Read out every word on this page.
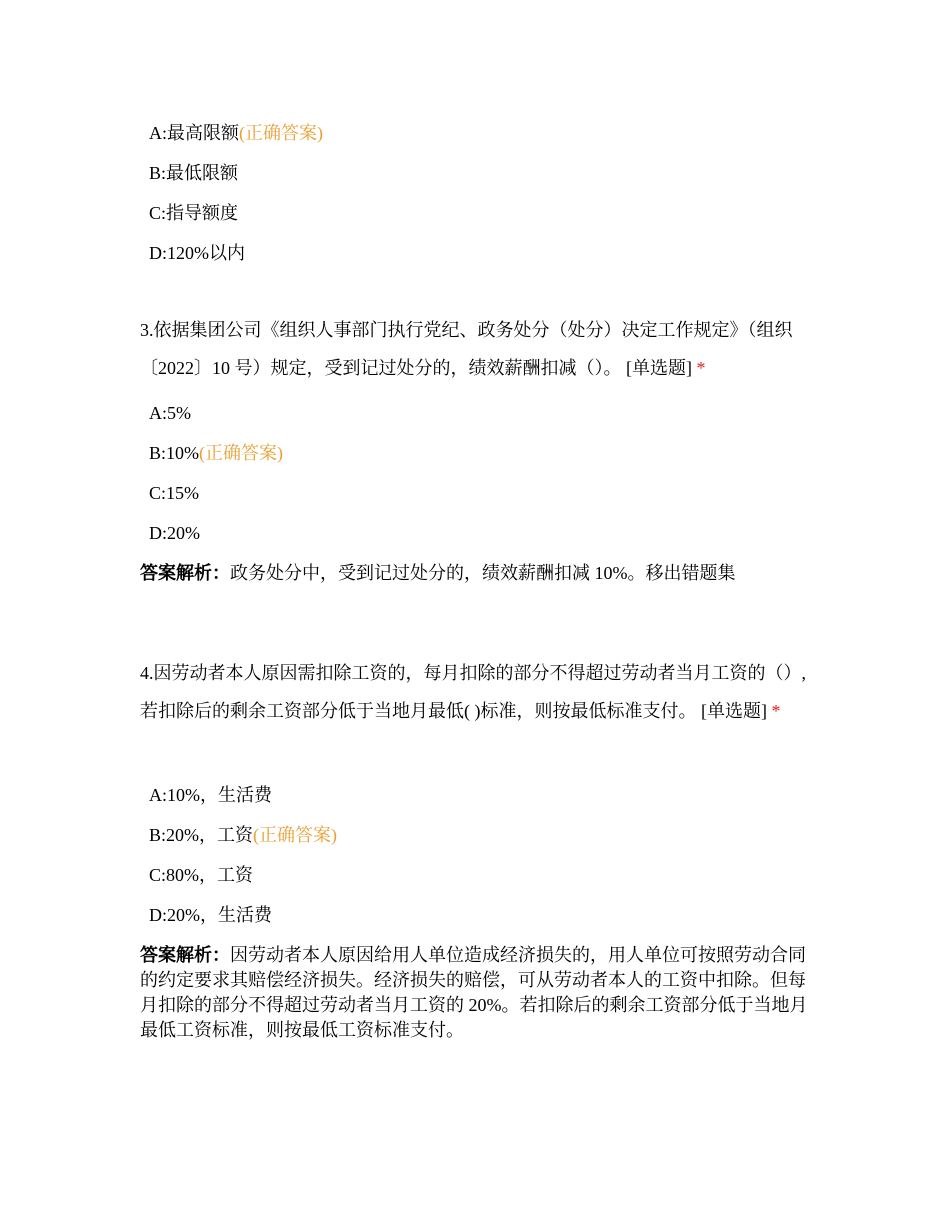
A:最高限额(正确答案)
B:最低限额
C:指导额度
D:120%以内
3.依据集团公司《组织人事部门执行党纪、政务处分（处分）决定工作规定》（组织〔2022〕10 号）规定，受到记过处分的，绩效薪酬扣减（）。 [单选题] *
A:5%
B:10%(正确答案)
C:15%
D:20%
答案解析：政务处分中，受到记过处分的，绩效薪酬扣减 10%。移出错题集
4.因劳动者本人原因需扣除工资的，每月扣除的部分不得超过劳动者当月工资的（）,若扣除后的剩余工资部分低于当地月最低( )标准，则按最低标准支付。 [单选题] *
A:10%，生活费
B:20%，工资(正确答案)
C:80%，工资
D:20%，生活费
答案解析：因劳动者本人原因给用人单位造成经济损失的，用人单位可按照劳动合同的约定要求其赔偿经济损失。经济损失的赔偿，可从劳动者本人的工资中扣除。但每月扣除的部分不得超过劳动者当月工资的 20%。若扣除后的剩余工资部分低于当地月最低工资标准，则按最低工资标准支付。
